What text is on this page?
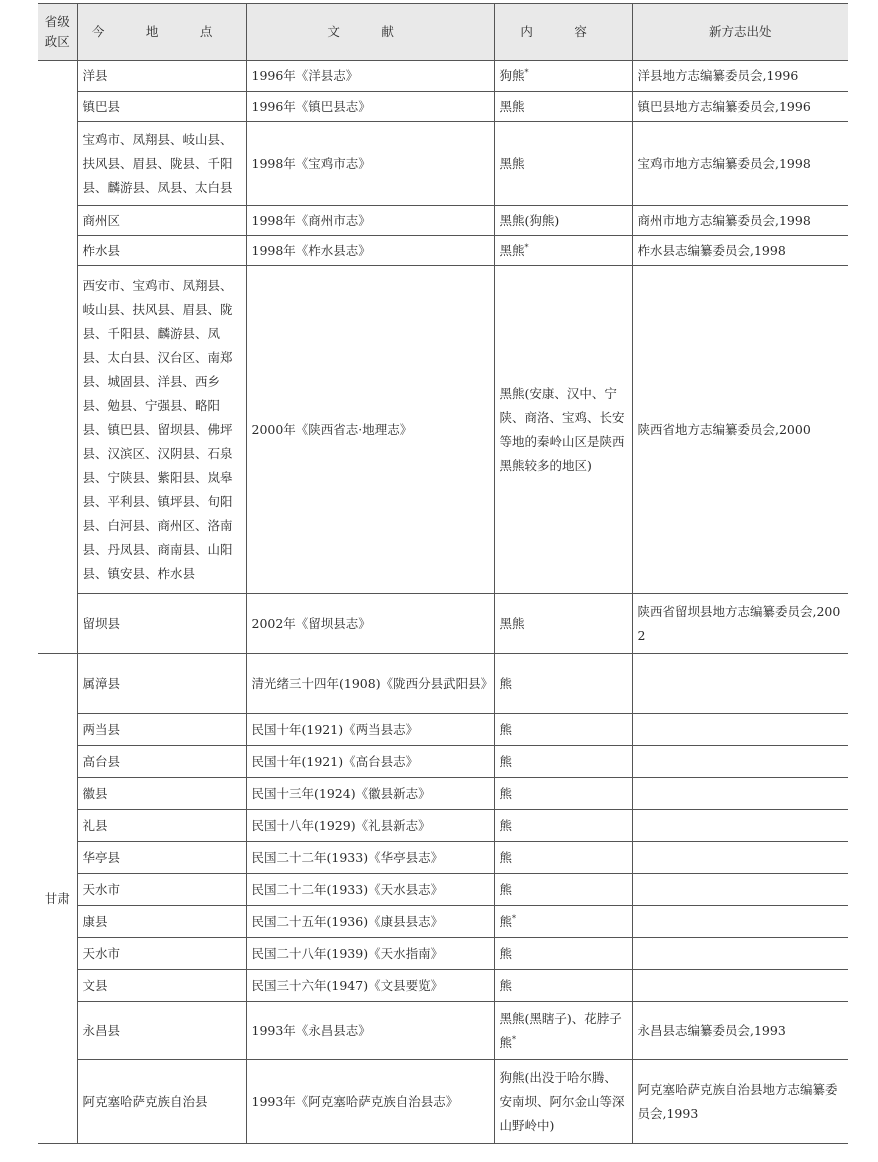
省级政区	今 地 点	文 献	内 容	新方志出处
	洋县	1996年《洋县志》	狗熊*	洋县地方志编纂委员会,1996
	镇巴县	1996年《镇巴县志》	黑熊	镇巴县地方志编纂委员会,1996
	宝鸡市、凤翔县、岐山县、扶风县、眉县、陇县、千阳县、麟游县、凤县、太白县	1998年《宝鸡市志》	黑熊	宝鸡市地方志编纂委员会,1998
	商州区	1998年《商州市志》	黑熊(狗熊)	商州市地方志编纂委员会,1998
	柞水县	1998年《柞水县志》	黑熊*	柞水县志编纂委员会,1998
	西安市、宝鸡市、凤翔县、岐山县、扶风县、眉县、陇县、千阳县、麟游县、凤县、太白县、汉台区、南郑县、城固县、洋县、西乡县、勉县、宁强县、略阳县、镇巴县、留坝县、佛坪县、汉滨区、汉阴县、石泉县、宁陕县、紫阳县、岚皋县、平利县、镇坪县、旬阳县、白河县、商州区、洛南县、丹凤县、商南县、山阳县、镇安县、柞水县	2000年《陕西省志·地理志》	黑熊(安康、汉中、宁陕、商洛、宝鸡、长安等地的秦岭山区是陕西黑熊较多的地区)	陕西省地方志编纂委员会,2000
	留坝县	2002年《留坝县志》	黑熊	陕西省留坝县地方志编纂委员会,2002
甘肃	属漳县	清光绪三十四年(1908)《陇西分县武阳县》	熊	
	两当县	民国十年(1921)《两当县志》	熊	
	高台县	民国十年(1921)《高台县志》	熊	
	徽县	民国十三年(1924)《徽县新志》	熊	
	礼县	民国十八年(1929)《礼县新志》	熊	
	华亭县	民国二十二年(1933)《华亭县志》	熊	
	天水市	民国二十二年(1933)《天水县志》	熊	
	康县	民国二十五年(1936)《康县县志》	熊*	
	天水市	民国二十八年(1939)《天水指南》	熊	
	文县	民国三十六年(1947)《文县要览》	熊	
	永昌县	1993年《永昌县志》	黑熊(黑瞎子)、花脖子熊*	永昌县志编纂委员会,1993
	阿克塞哈萨克族自治县	1993年《阿克塞哈萨克族自治县志》	狗熊(出没于哈尔腾、安南坝、阿尔金山等深山野岭中)	阿克塞哈萨克族自治县地方志编纂委员会,1993
